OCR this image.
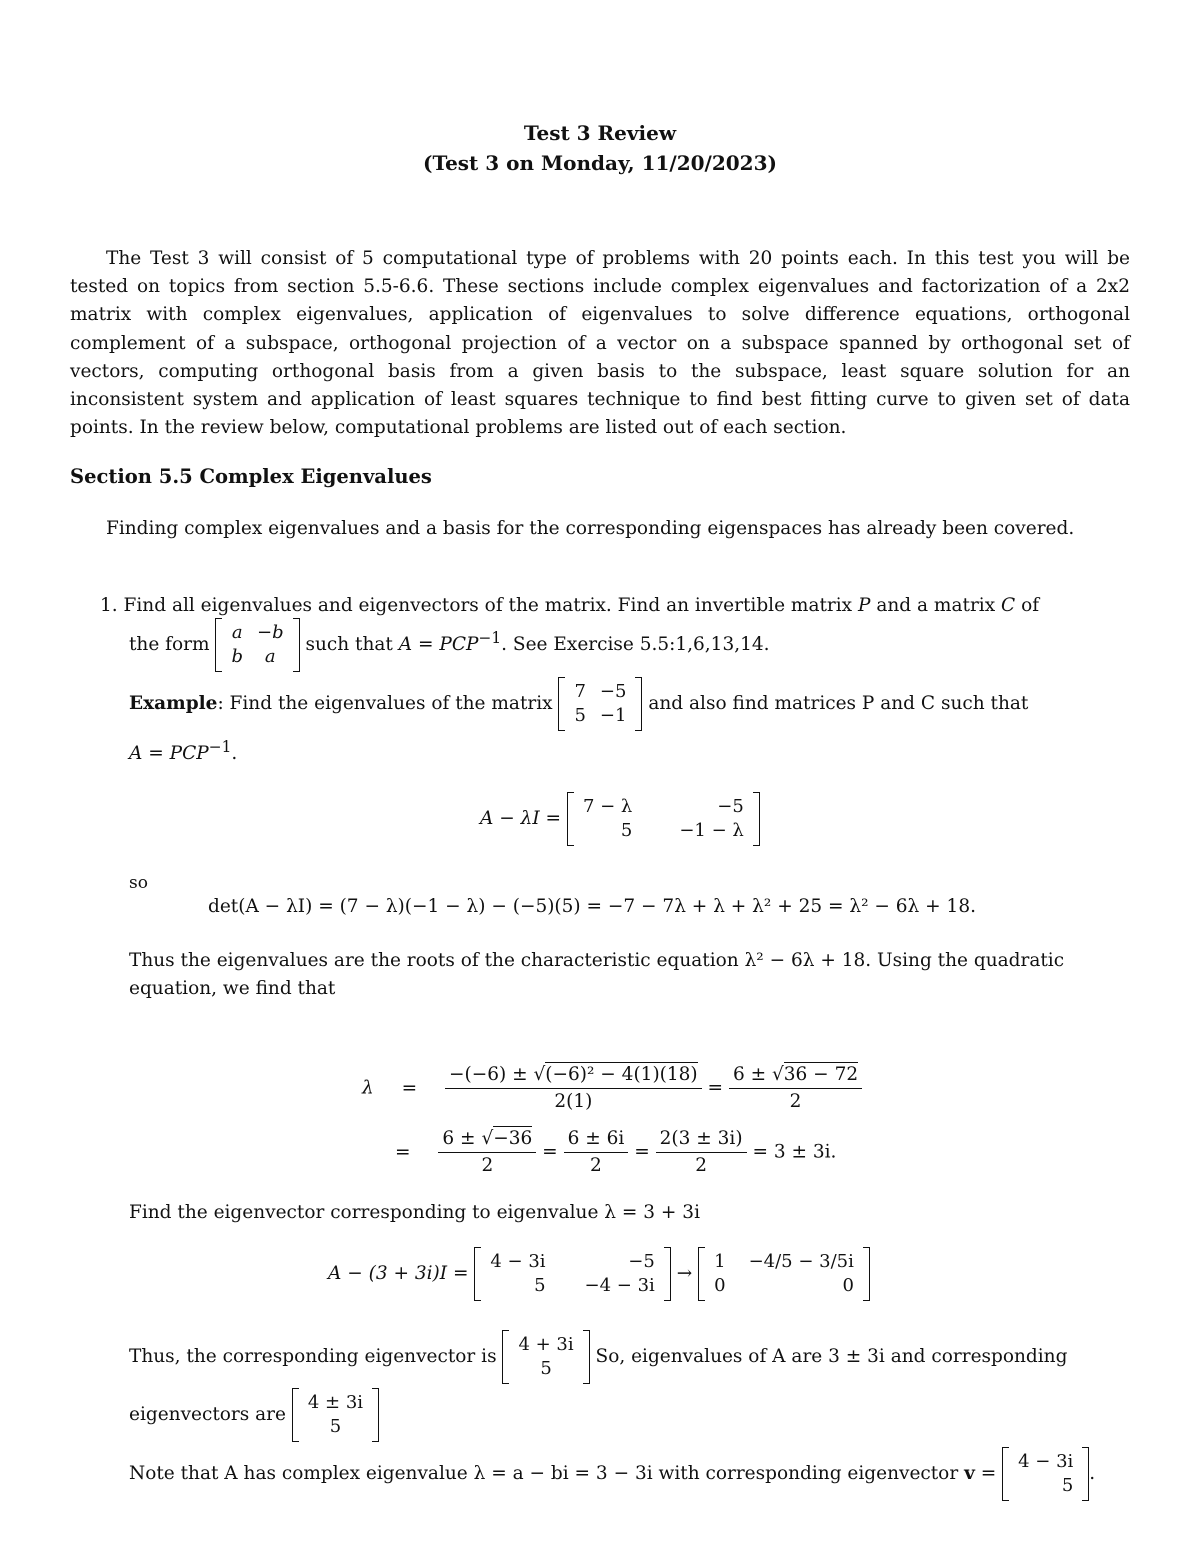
Test 3 Review
(Test 3 on Monday, 11/20/2023)
The Test 3 will consist of 5 computational type of problems with 20 points each. In this test you will be tested on topics from section 5.5-6.6. These sections include complex eigenvalues and factorization of a 2x2 matrix with complex eigenvalues, application of eigenvalues to solve difference equations, orthogonal complement of a subspace, orthogonal projection of a vector on a subspace spanned by orthogonal set of vectors, computing orthogonal basis from a given basis to the subspace, least square solution for an inconsistent system and application of least squares technique to find best fitting curve to given set of data points. In the review below, computational problems are listed out of each section.
Section 5.5 Complex Eigenvalues
Finding complex eigenvalues and a basis for the corresponding eigenspaces has already been covered.
1. Find all eigenvalues and eigenvectors of the matrix. Find an invertible matrix P and a matrix C of
the form
a	−b
b	a
such that $A = PCP^{-1}$. See Exercise 5.5:1,6,13,14.
Example: Find the eigenvalues of the matrix
7	−5
5	−1
and also find matrices P and C such that
$A = PCP^{-1}$.
A − λI =
7 − λ	−5
5	−1 − λ
so
det(A − λI) = (7 − λ)(−1 − λ) − (−5)(5) = −7 − 7λ + λ + λ² + 25 = λ² − 6λ + 18.
Thus the eigenvalues are the roots of the characteristic equation λ² − 6λ + 18. Using the quadratic equation, we find that
$\lambda = \frac{\text{−(−6) ± √(−6)² − 4(1)(18)}}{2(1)} = \frac{6 \pm √36 - 72}{2}$
= $\frac{6 \pm √-36}{2} = \frac{6 \pm 6i}{2} = \frac{2(3 \pm 3i)}{2} = 3 \pm 3i$.
Find the eigenvector corresponding to eigenvalue λ = 3 + 3i
A − (3 + 3i)I =
4 − 3i	−5
5	−4 − 3i
→
1	−4/5 − 3/5i
0	0
Thus, the corresponding eigenvector is
4 + 3i
5
So, eigenvalues of A are 3 ± 3i and corresponding
eigenvectors are
4 ± 3i
5
Note that A has complex eigenvalue λ = a − bi = 3 − 3i with corresponding eigenvector v =
4 − 3i
5
.
